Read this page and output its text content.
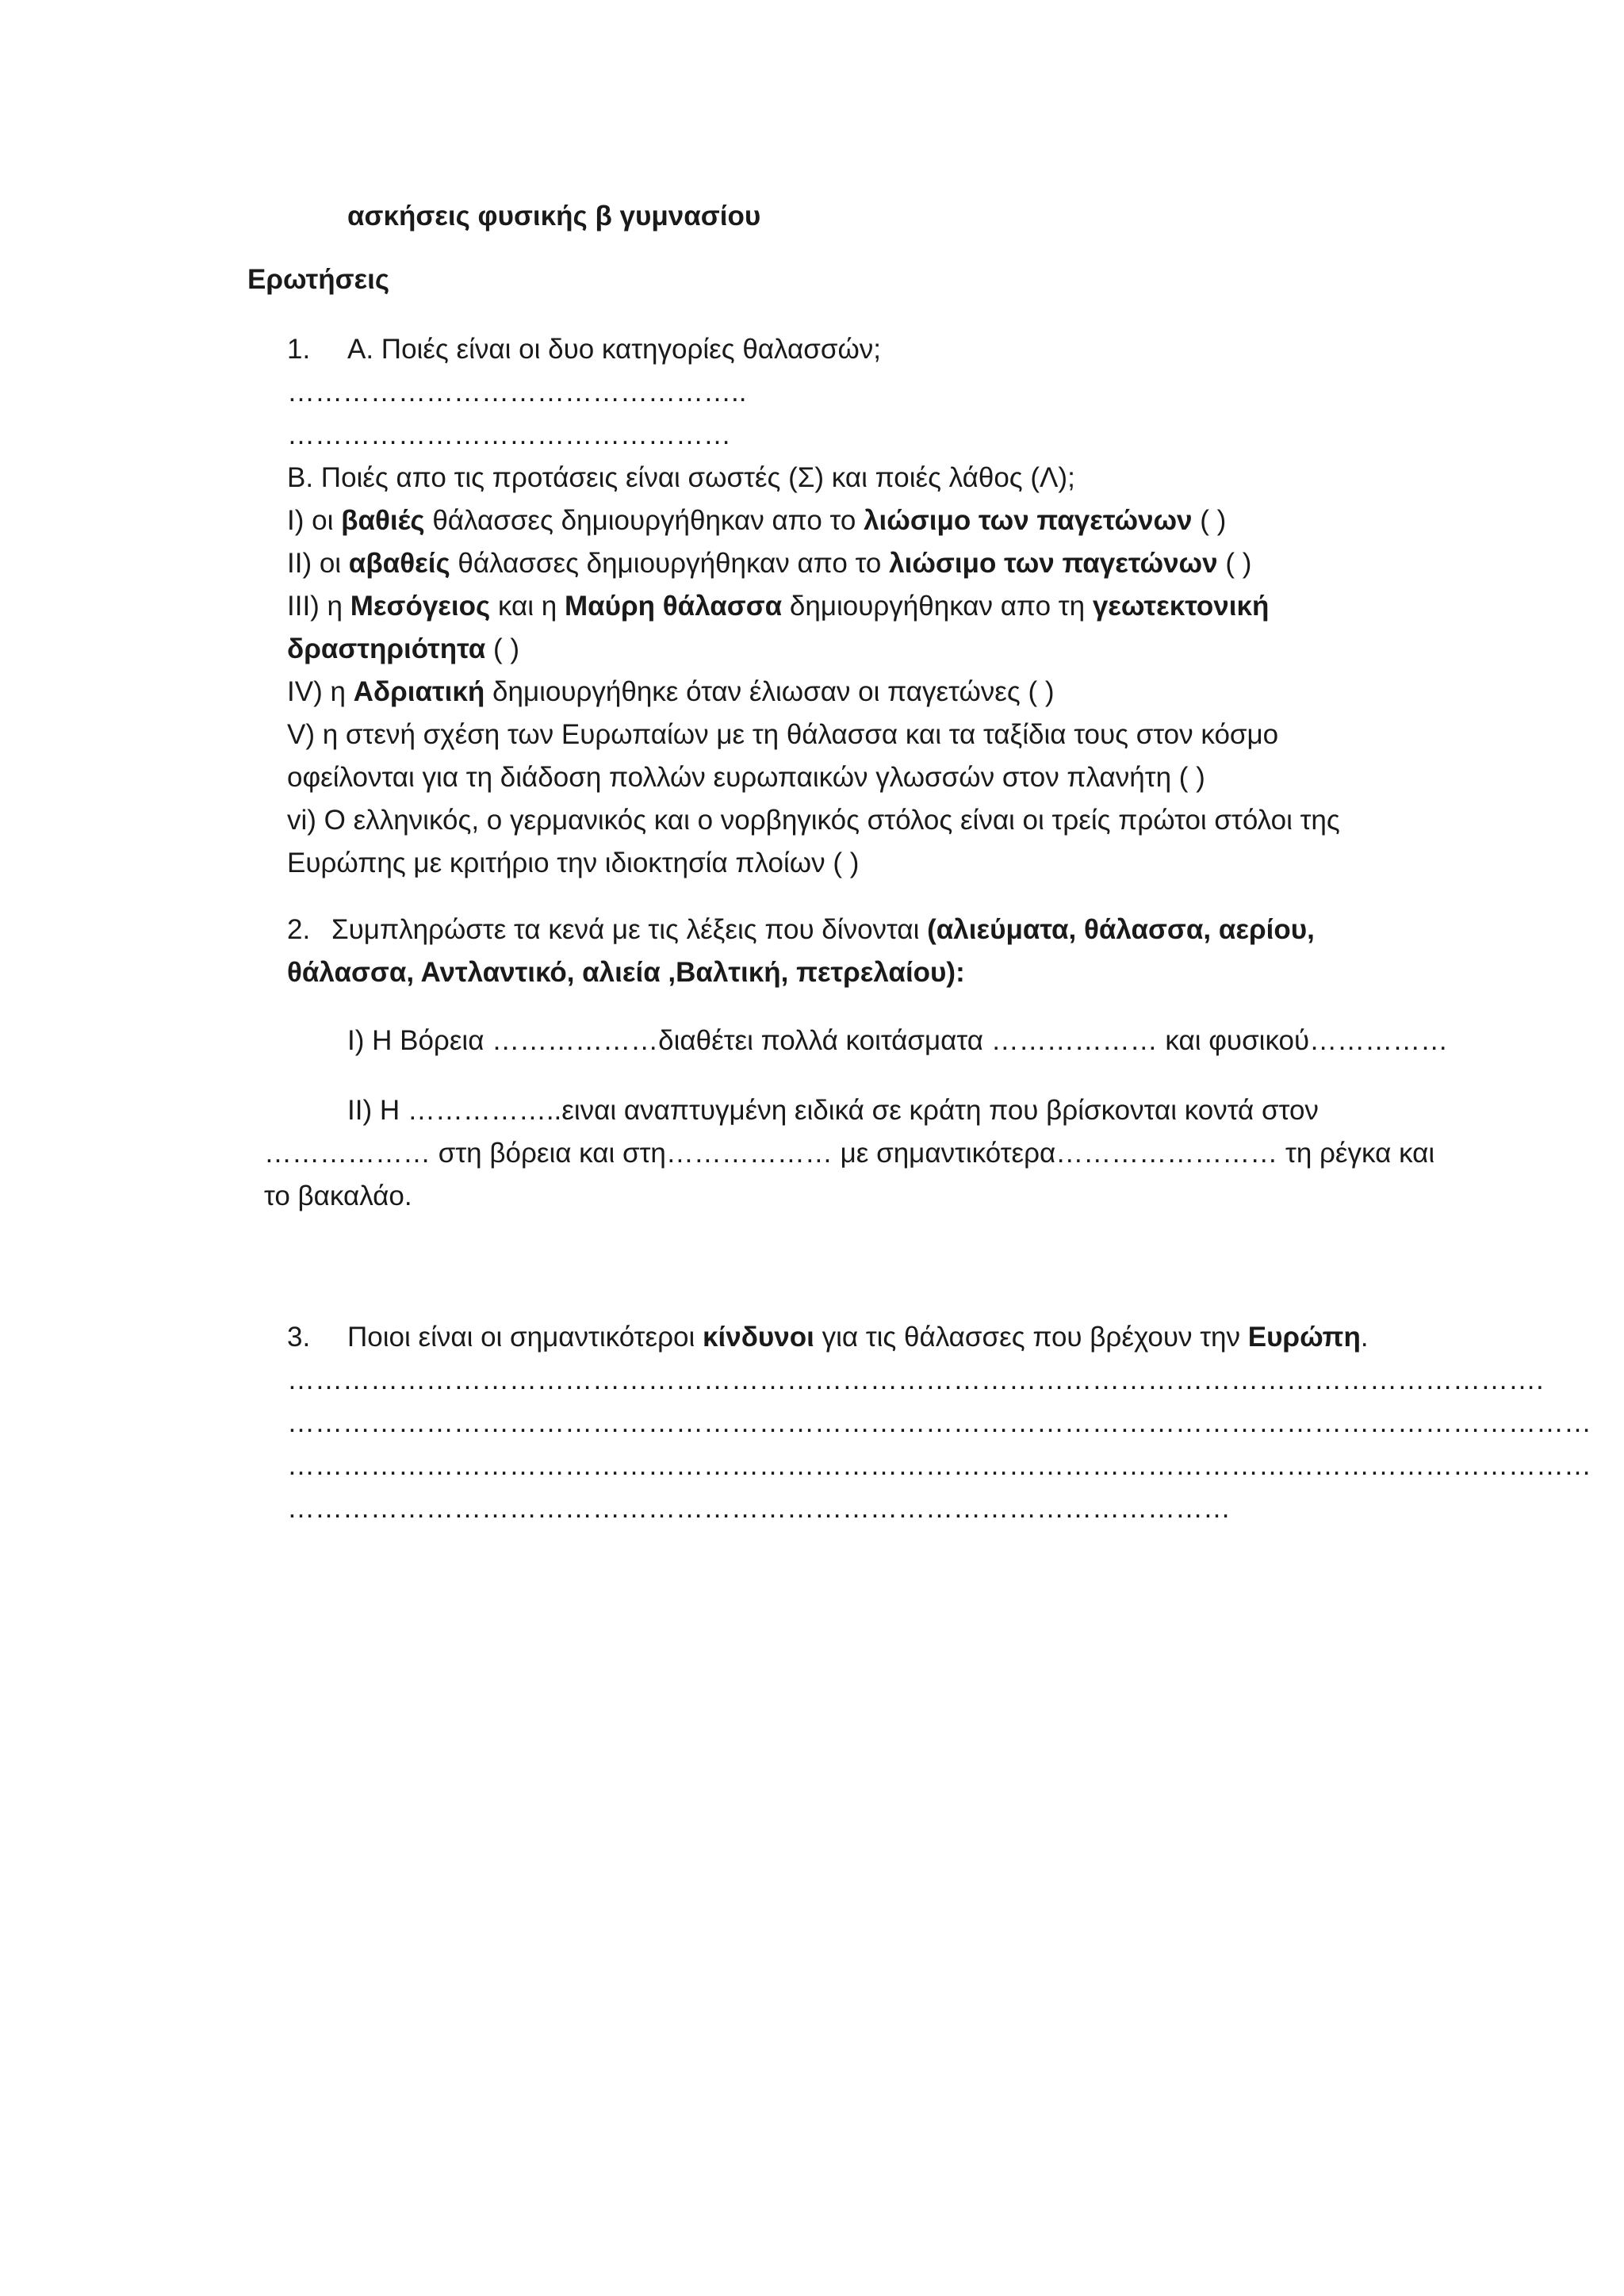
ασκήσεις φυσικής β γυμνασίου
Ερωτήσεις
1. Α. Ποιές είναι οι δυο κατηγορίες θαλασσών;
…………………………………………..
…………………………………………
Β. Ποιές απο τις προτάσεις είναι σωστές (Σ) και ποιές λάθος (Λ);
Ι) οι βαθιές θάλασσες δημιουργήθηκαν απο το λιώσιμο των παγετώνων ( )
ΙΙ) οι αβαθείς θάλασσες δημιουργήθηκαν απο το λιώσιμο των παγετώνων ( )
ΙΙΙ) η Μεσόγειος και η Μαύρη θάλασσα δημιουργήθηκαν απο τη γεωτεκτονική
δραστηριότητα ( )
ΙV) η Αδριατική δημιουργήθηκε όταν έλιωσαν οι παγετώνες ( )
V) η στενή σχέση των Ευρωπαίων με τη θάλασσα και τα ταξίδια τους στον κόσμο
οφείλονται για τη διάδοση πολλών ευρωπαικών γλωσσών στον πλανήτη ( )
vi) Ο ελληνικός, ο γερμανικός και ο νορβηγικός στόλος είναι οι τρείς πρώτοι στόλοι της
Ευρώπης με κριτήριο την ιδιοκτησία πλοίων ( )
2. Συμπληρώστε τα κενά με τις λέξεις που δίνονται (αλιεύματα, θάλασσα, αερίου,
θάλασσα, Αντλαντικό, αλιεία ,Βαλτική, πετρελαίου):
Ι) Η Βόρεια ………………διαθέτει πολλά κοιτάσματα ……………… και φυσικού……………
ΙΙ) Η ……………..ειναι αναπτυγμένη ειδικά σε κράτη που βρίσκονται κοντά στον
……………… στη βόρεια και στη……………… με σημαντικότερα…………………… τη ρέγκα και
το βακαλάο.
3. Ποιοι είναι οι σημαντικότεροι κίνδυνοι για τις θάλασσες που βρέχουν την Ευρώπη.
……………………………………………………………………………………………………………………….
……………………………………………………………………………………………………………………………
……………………………………………………………………………………………………………………………
…………………………………………………………………………………………
